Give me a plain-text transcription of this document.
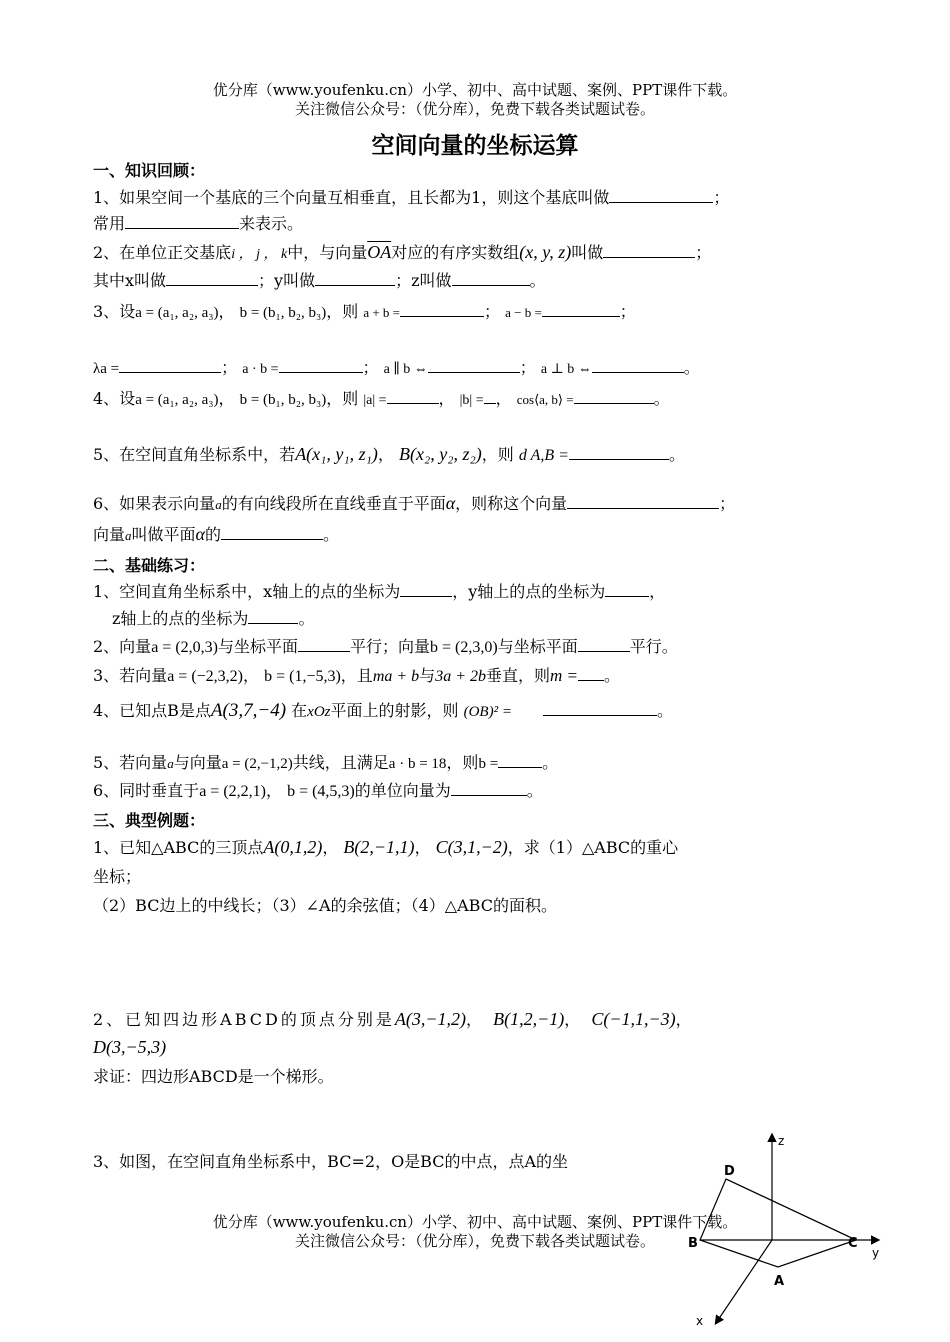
优分库（www.youfenku.cn）小学、初中、高中试题、案例、PPT课件下载。
关注微信公众号：（优分库），免费下载各类试题试卷。
空间向量的坐标运算
一、知识回顾：
1、如果空间一个基底的三个向量互相垂直，且长都为1，则这个基底叫做	；
常用	来表示。
2、在单位正交基底i ， j ， k中，与向量$\overline{OA}$对应的有序实数组(x, y, z)叫做	；
其中x叫做	；y叫做	；z叫做	。
3、设a = (a₁, a₂, a₃)， b = (b₁, b₂, b₃)，则 a + b =	； a − b =	；
λa =	； a · b =	； a ∥ b ⇔	； a ⊥ b ⇔	。
4、设a = (a₁, a₂, a₃)， b = (b₁, b₂, b₃)，则 |a| =	， |b| = ， cos⟨a, b⟩ =	。
5、在空间直角坐标系中，若A(x₁, y₁, z₁)， B(x₂, y₂, z₂)，则 d A,B =	。
6、如果表示向量a的有向线段所在直线垂直于平面α，则称这个向量	；
向量a叫做平面α的	。
二、基础练习：
1、空间直角坐标系中，x轴上的点的坐标为	，y轴上的点的坐标为	，
z轴上的点的坐标为	。
2、向量a = (2,0,3)与坐标平面	平行；向量b = (2,3,0)与坐标平面	平行。
3、若向量a = (−2,3,2)， b = (1,−5,3)，且ma + b与3a + 2b垂直，则m = 。
4、已知点B是点A(3,7,−4) 在xOz平面上的射影，则 (OB)² =	。
5、若向量a与向量a = (2,−1,2)共线，且满足a · b = 18，则b =	。
6、同时垂直于a = (2,2,1)， b = (4,5,3)的单位向量为	。
三、典型例题：
1、已知△ABC的三顶点A(0,1,2)， B(2,−1,1)， C(3,1,−2)，求（1）△ABC的重心
坐标；
（2）BC边上的中线长；（3）∠A的余弦值；（4）△ABC的面积。
2、已知四边形ABCD的顶点分别是A(3,−1,2)， B(1,2,−1)， C(−1,1,−3)，
D(3,−5,3)
求证：四边形ABCD是一个梯形。
3、如图，在空间直角坐标系中，BC=2，O是BC的中点，点A的坐
优分库（www.youfenku.cn）小学、初中、高中试题、案例、PPT课件下载。
关注微信公众号：（优分库），免费下载各类试题试卷。
z
y
x
D
B	C
A
